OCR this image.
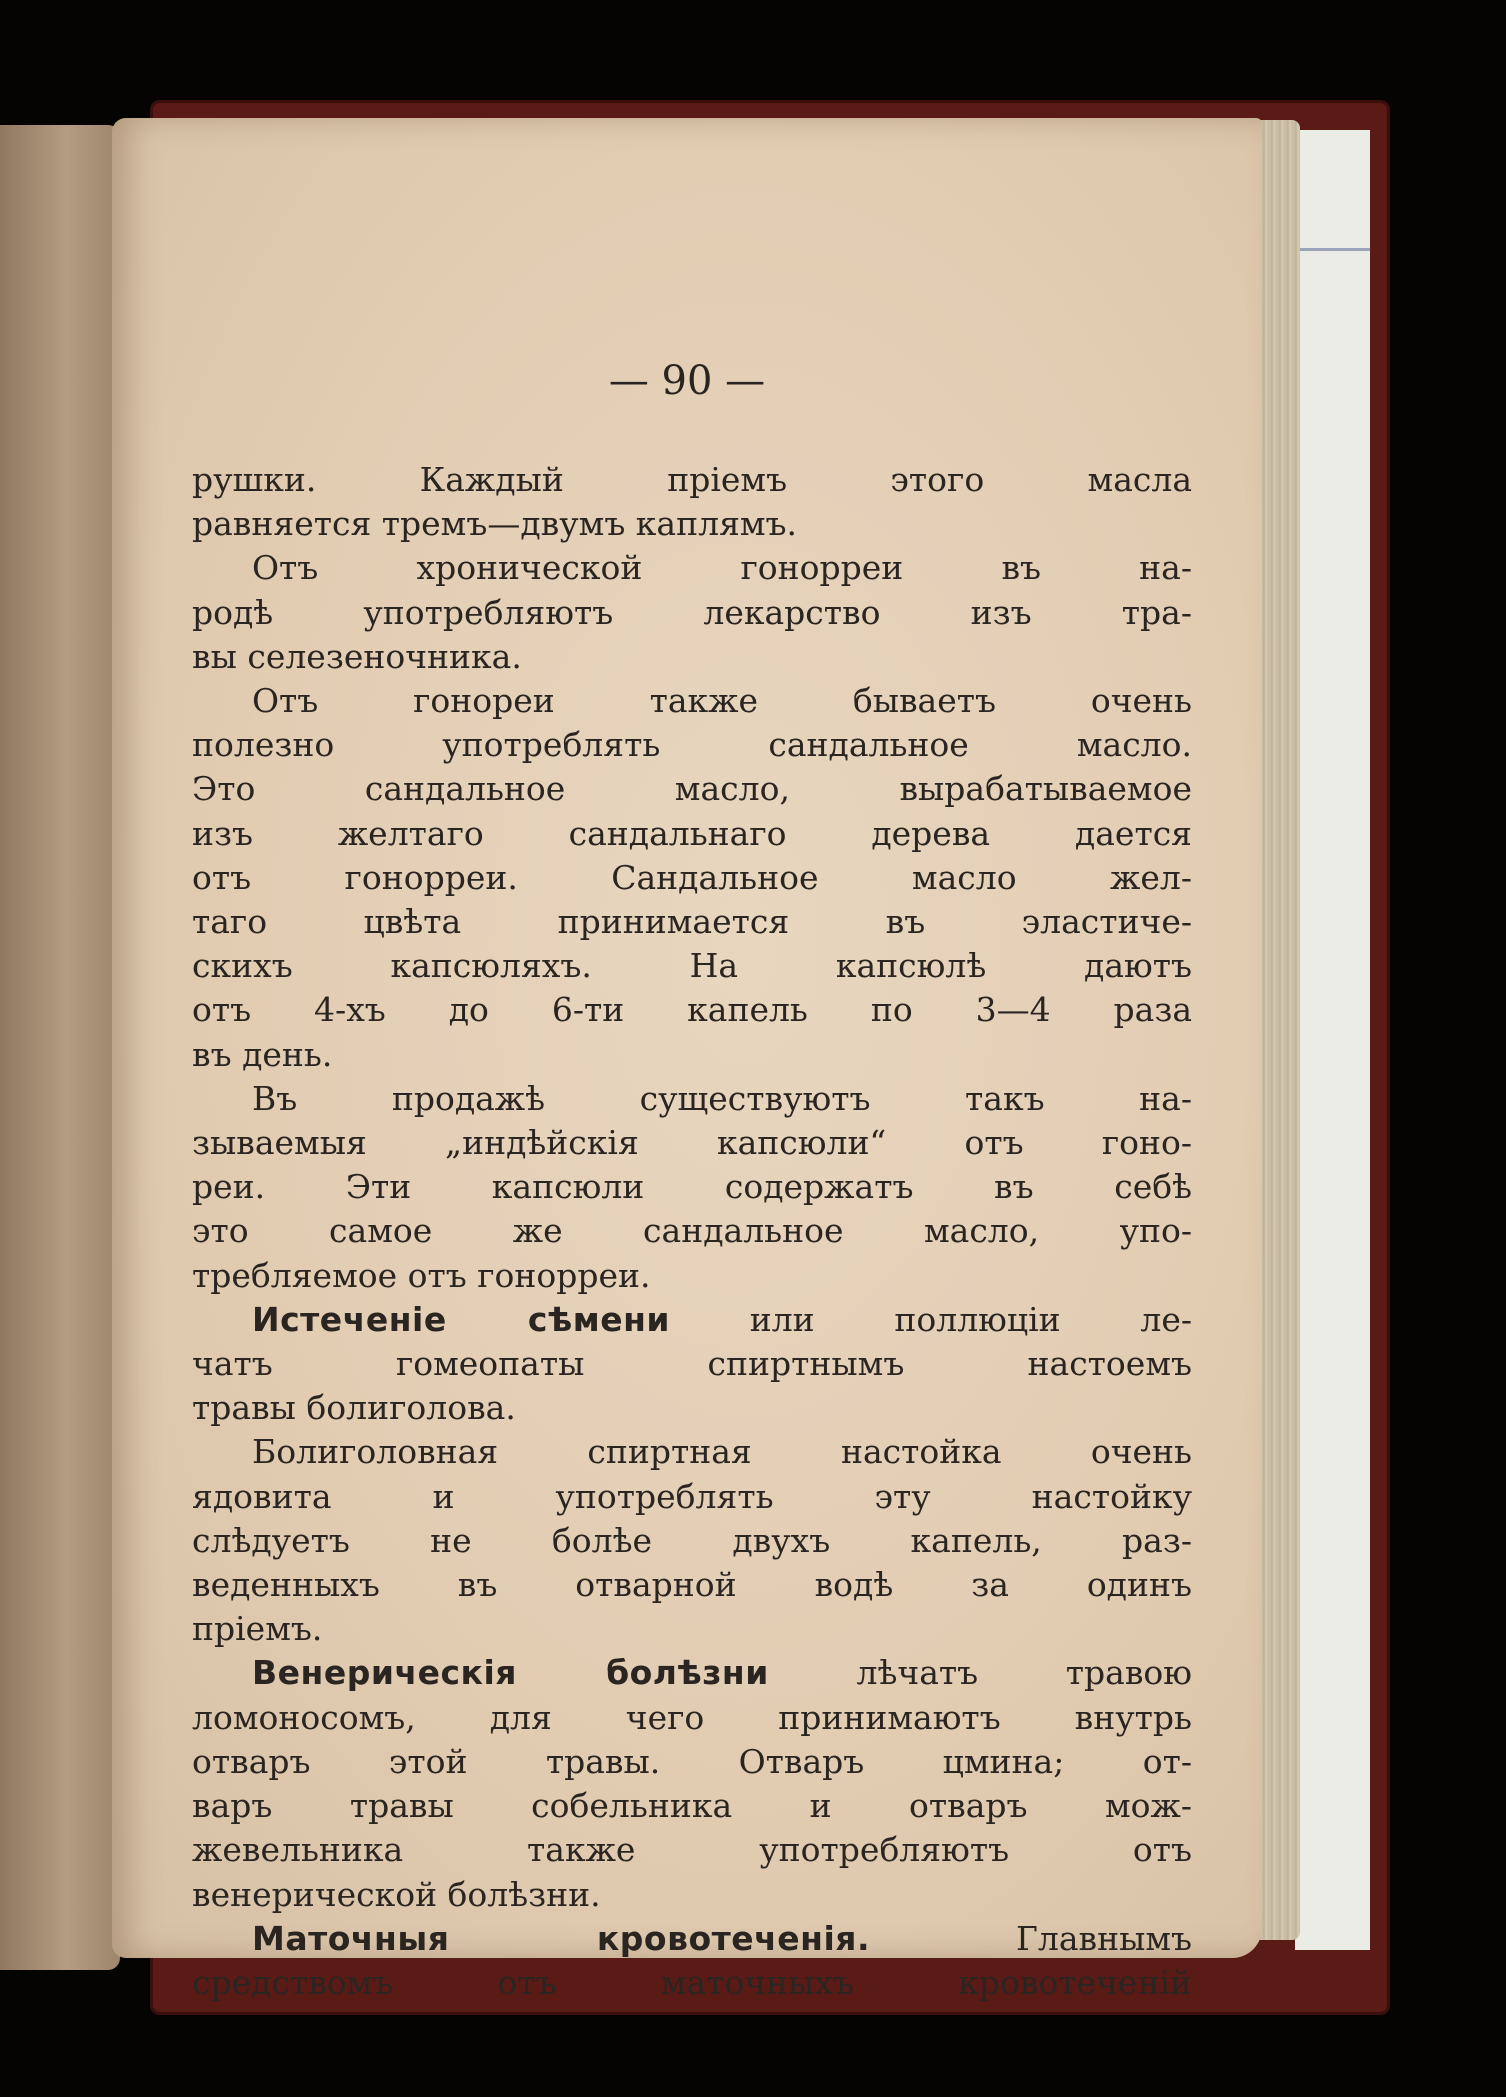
— 90 —

рушки. Каждый пріемъ этого масла
равняется тремъ—двумъ каплямъ.

Отъ хронической гонорреи въ на-
родѣ употребляютъ лекарство изъ тра-
вы селезеночника.

Отъ гонореи также бываетъ очень
полезно употреблять сандальное масло.
Это сандальное масло, вырабатываемое
изъ желтаго сандальнаго дерева дается
отъ гонорреи. Сандальное масло жел-
таго цвѣта принимается въ эластиче-
скихъ капсюляхъ. На капсюлѣ даютъ
отъ 4-хъ до 6-ти капель по 3—4 раза
въ день.

Въ продажѣ существуютъ такъ на-
зываемыя „индѣйскія капсюли“ отъ гоно-
реи. Эти капсюли содержатъ въ себѣ
это самое же сандальное масло, упо-
требляемое отъ гонорреи.

Истеченіе сѣмени или поллюціи ле-
чатъ гомеопаты спиртнымъ настоемъ
травы болиголова.

Болиголовная спиртная настойка очень
ядовита и употреблять эту настойку
слѣдуетъ не болѣе двухъ капель, раз-
веденныхъ въ отварной водѣ за одинъ
пріемъ.

Венерическія болѣзни лѣчатъ травою
ломоносомъ, для чего принимаютъ внутрь
отваръ этой травы. Отваръ цмина; от-
варъ травы собельника и отваръ мож-
жевельника также употребляютъ отъ
венерической болѣзни.

Маточныя кровотеченія. Главнымъ
средствомъ отъ маточныхъ кровотеченій
